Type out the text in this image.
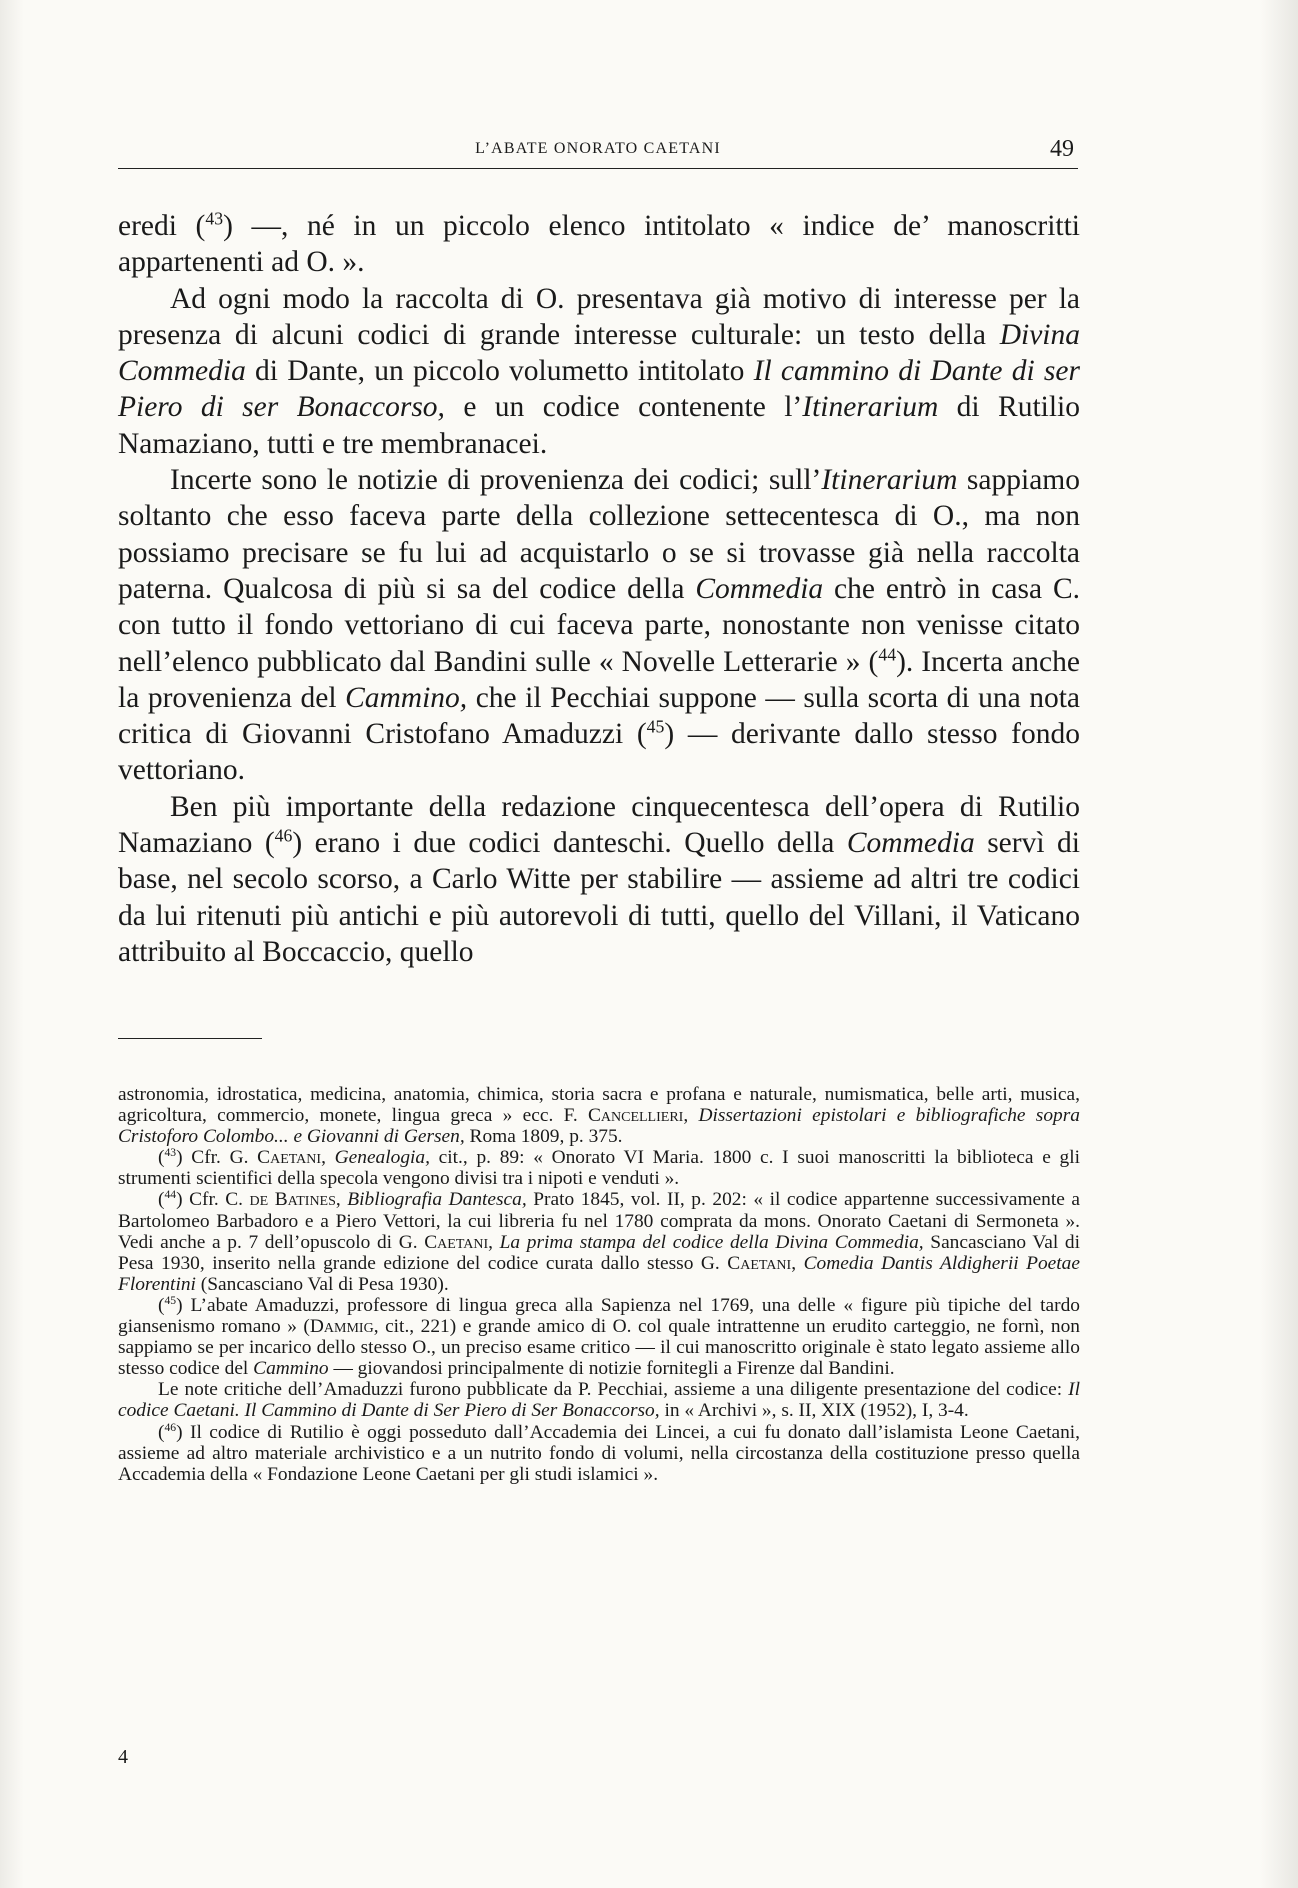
L’ABATE ONORATO CAETANI	49

eredi ($^{43}$) —, né in un piccolo elenco intitolato « indice de’ manoscritti appartenenti ad O. ».

Ad ogni modo la raccolta di O. presentava già motivo di interesse per la presenza di alcuni codici di grande interesse culturale: un testo della Divina Commedia di Dante, un piccolo volumetto intitolato Il cammino di Dante di ser Piero di ser Bonaccorso, e un codice contenente l’Itinerarium di Rutilio Namaziano, tutti e tre membranacei.

Incerte sono le notizie di provenienza dei codici; sull’Itinerarium sappiamo soltanto che esso faceva parte della collezione settecentesca di O., ma non possiamo precisare se fu lui ad acquistarlo o se si trovasse già nella raccolta paterna. Qualcosa di più si sa del codice della Commedia che entrò in casa C. con tutto il fondo vettoriano di cui faceva parte, nonostante non venisse citato nell’elenco pubblicato dal Bandini sulle « Novelle Letterarie » ($^{44}$). Incerta anche la provenienza del Cammino, che il Pecchiai suppone — sulla scorta di una nota critica di Giovanni Cristofano Amaduzzi ($^{45}$) — derivante dallo stesso fondo vettoriano.

Ben più importante della redazione cinquecentesca dell’opera di Rutilio Namaziano ($^{46}$) erano i due codici danteschi. Quello della Commedia servì di base, nel secolo scorso, a Carlo Witte per stabilire — assieme ad altri tre codici da lui ritenuti più antichi e più autorevoli di tutti, quello del Villani, il Vaticano attribuito al Boccaccio, quello

astronomia, idrostatica, medicina, anatomia, chimica, storia sacra e profana e naturale, numismatica, belle arti, musica, agricoltura, commercio, monete, lingua greca » ecc. F. Cancellieri, Dissertazioni epistolari e bibliografiche sopra Cristoforo Colombo... e Giovanni di Gersen, Roma 1809, p. 375.

($^{43}$) Cfr. G. Caetani, Genealogia, cit., p. 89: « Onorato VI Maria. 1800 c. I suoi manoscritti la biblioteca e gli strumenti scientifici della specola vengono divisi tra i nipoti e venduti ».

($^{44}$) Cfr. C. de Batines, Bibliografia Dantesca, Prato 1845, vol. II, p. 202: « il codice appartenne successivamente a Bartolomeo Barbadoro e a Piero Vettori, la cui libreria fu nel 1780 comprata da mons. Onorato Caetani di Sermoneta ». Vedi anche a p. 7 dell’opuscolo di G. Caetani, La prima stampa del codice della Divina Commedia, Sancasciano Val di Pesa 1930, inserito nella grande edizione del codice curata dallo stesso G. Caetani, Comedia Dantis Aldigherii Poetae Florentini (Sancasciano Val di Pesa 1930).

($^{45}$) L’abate Amaduzzi, professore di lingua greca alla Sapienza nel 1769, una delle « figure più tipiche del tardo giansenismo romano » (Dammig, cit., 221) e grande amico di O. col quale intrattenne un erudito carteggio, ne fornì, non sappiamo se per incarico dello stesso O., un preciso esame critico — il cui manoscritto originale è stato legato assieme allo stesso codice del Cammino — giovandosi principalmente di notizie fornitegli a Firenze dal Bandini.

Le note critiche dell’Amaduzzi furono pubblicate da P. Pecchiai, assieme a una diligente presentazione del codice: Il codice Caetani. Il Cammino di Dante di Ser Piero di Ser Bonaccorso, in « Archivi », s. II, XIX (1952), I, 3-4.

($^{46}$) Il codice di Rutilio è oggi posseduto dall’Accademia dei Lincei, a cui fu donato dall’islamista Leone Caetani, assieme ad altro materiale archivistico e a un nutrito fondo di volumi, nella circostanza della costituzione presso quella Accademia della « Fondazione Leone Caetani per gli studi islamici ».

4
